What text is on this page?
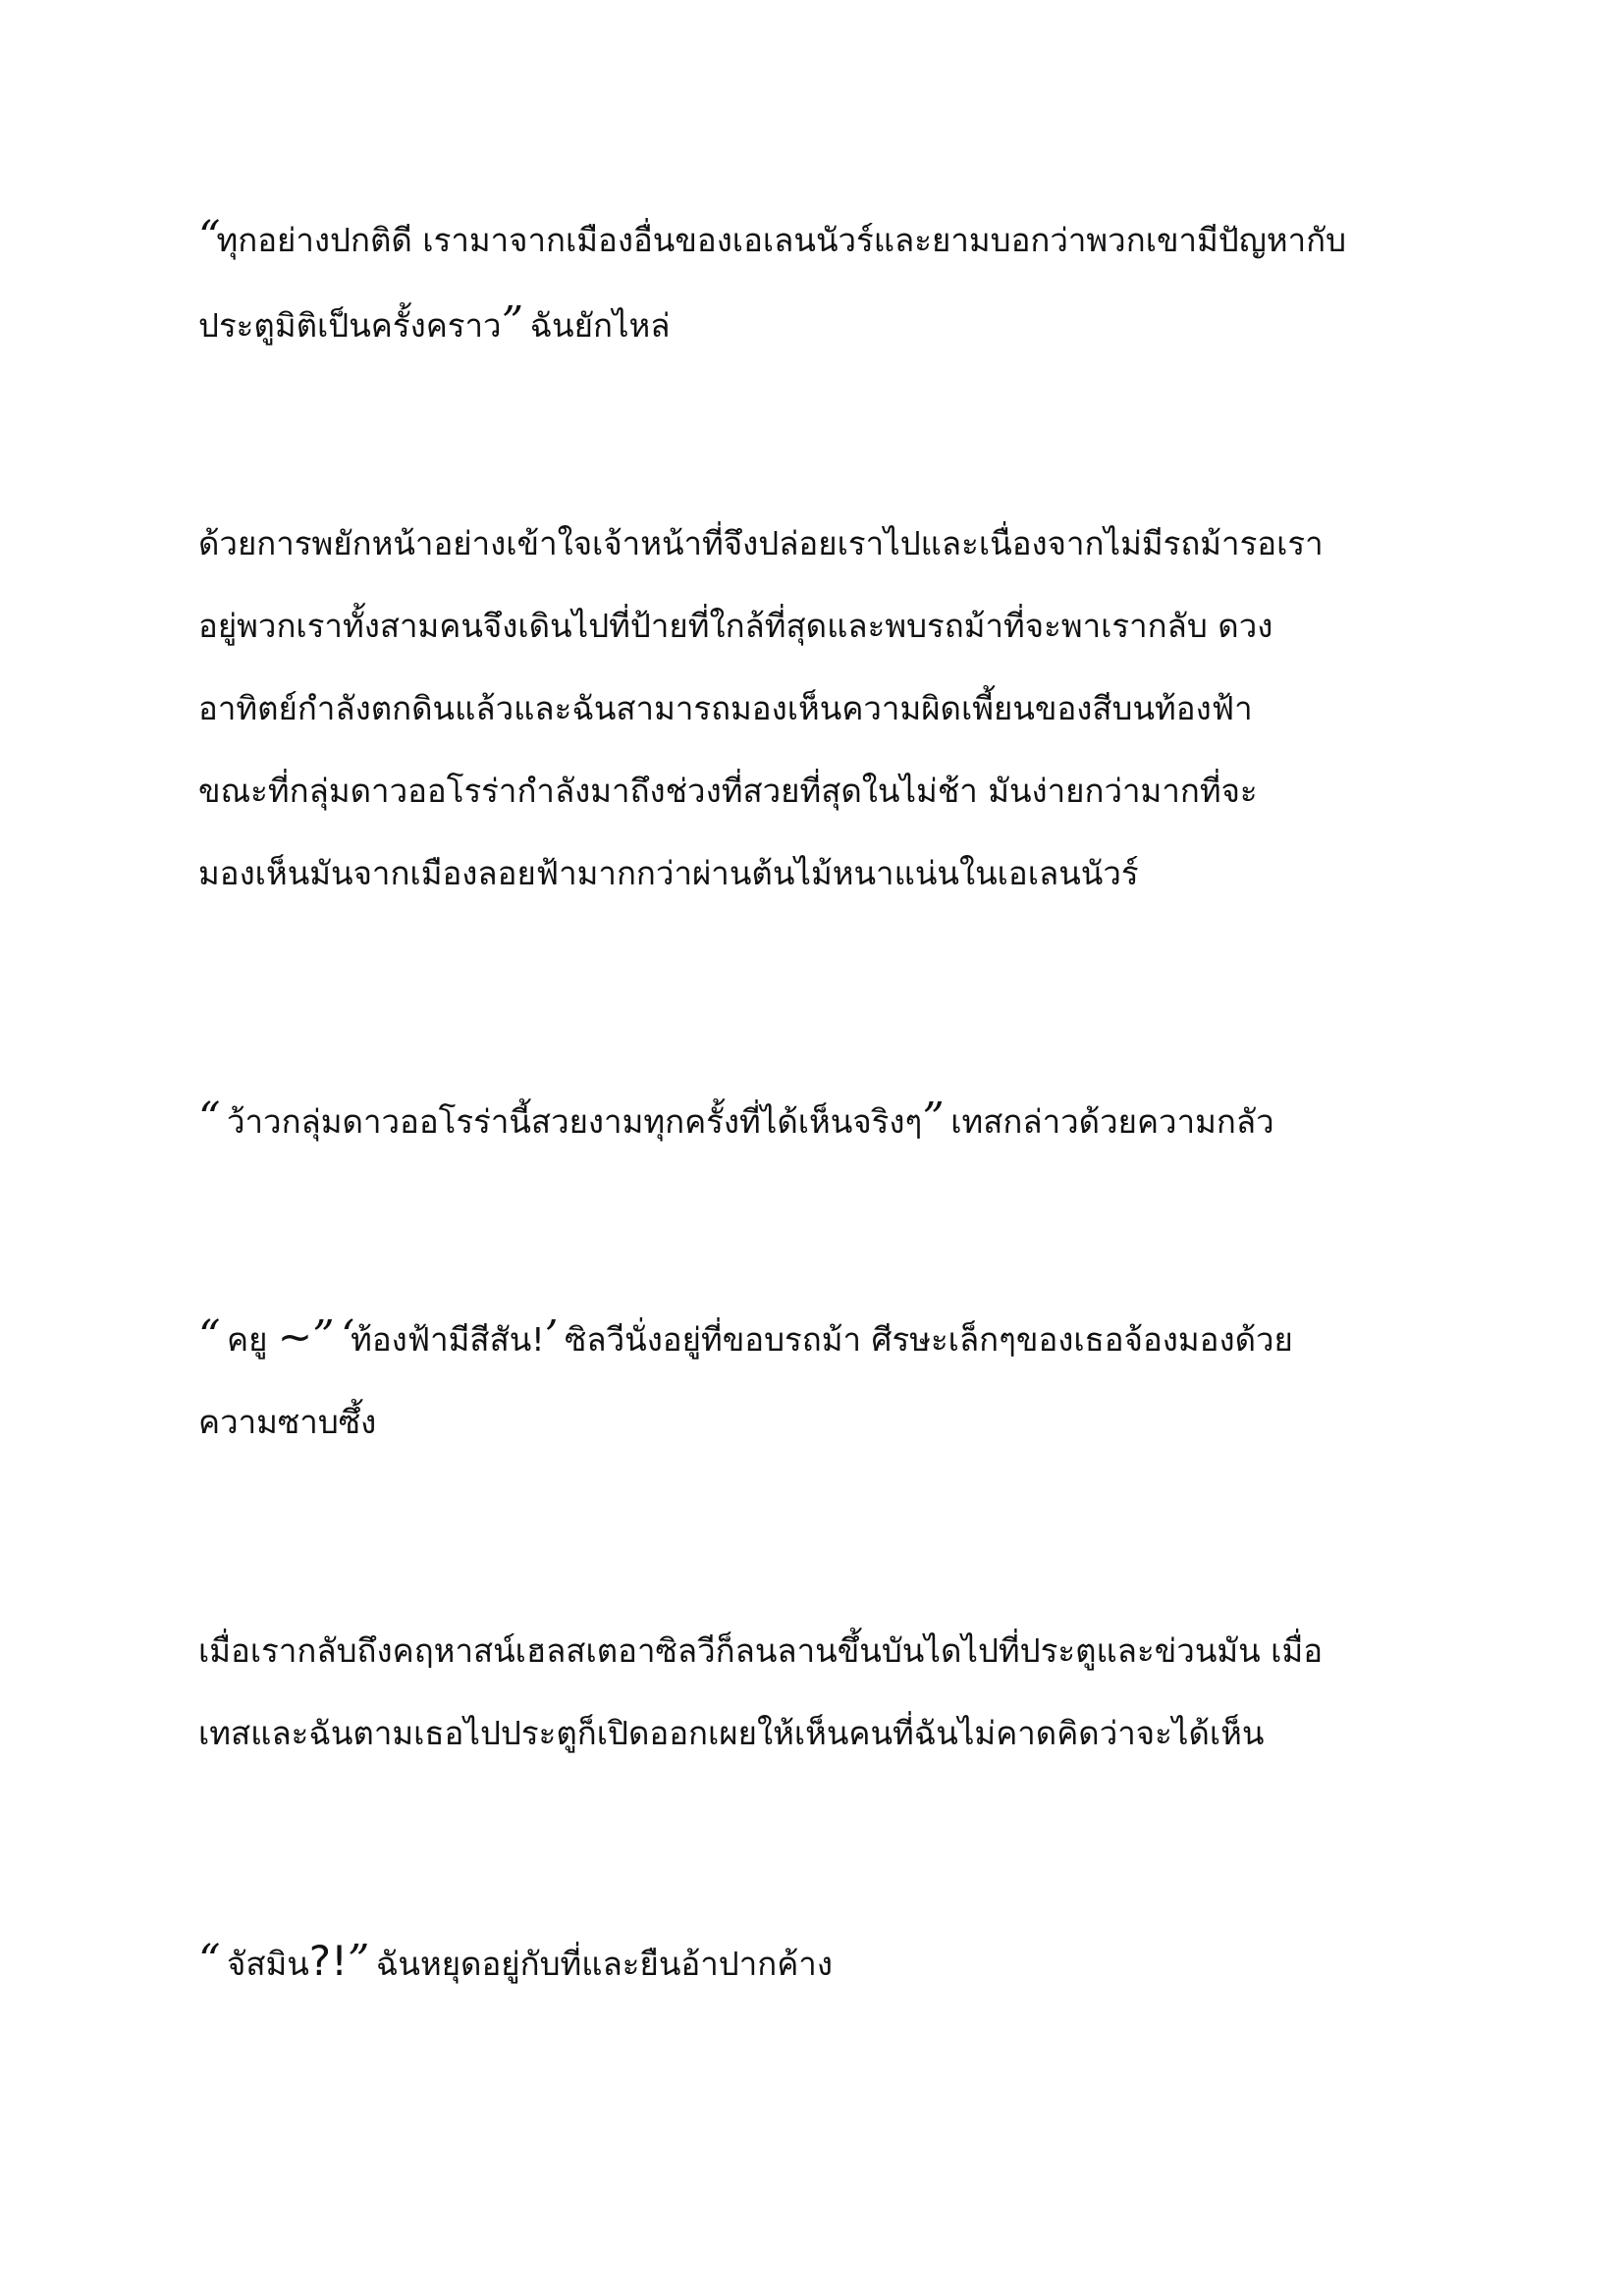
“ทุกอย่างปกติดี เรามาจากเมืองอื่นของเอเลนนัวร์และยามบอกว่าพวกเขามีปัญหากับ
ประตูมิติเป็นครั้งคราว” ฉันยักไหล่
ด้วยการพยักหน้าอย่างเข้าใจเจ้าหน้าที่จึงปล่อยเราไปและเนื่องจากไม่มีรถม้ารอเรา
อยู่พวกเราทั้งสามคนจึงเดินไปที่ป้ายที่ใกล้ที่สุดและพบรถม้าที่จะพาเรากลับ ดวง
อาทิตย์กำลังตกดินแล้วและฉันสามารถมองเห็นความผิดเพี้ยนของสีบนท้องฟ้า
ขณะที่กลุ่มดาวออโรร่ากำลังมาถึงช่วงที่สวยที่สุดในไม่ช้า มันง่ายกว่ามากที่จะ
มองเห็นมันจากเมืองลอยฟ้ามากกว่าผ่านต้นไม้หนาแน่นในเอเลนนัวร์
“ ว้าวกลุ่มดาวออโรร่านี้สวยงามทุกครั้งที่ได้เห็นจริงๆ” เทสกล่าวด้วยความกลัว
“ คยู ~” ‘ท้องฟ้ามีสีสัน!’ ซิลวีนั่งอยู่ที่ขอบรถม้า ศีรษะเล็กๆของเธอจ้องมองด้วย
ความซาบซึ้ง
เมื่อเรากลับถึงคฤหาสน์เฮลสเตอาซิลวีก็ลนลานขึ้นบันไดไปที่ประตูและข่วนมัน เมื่อ
เทสและฉันตามเธอไปประตูก็เปิดออกเผยให้เห็นคนที่ฉันไม่คาดคิดว่าจะได้เห็น
“ จัสมิน?!” ฉันหยุดอยู่กับที่และยืนอ้าปากค้าง
